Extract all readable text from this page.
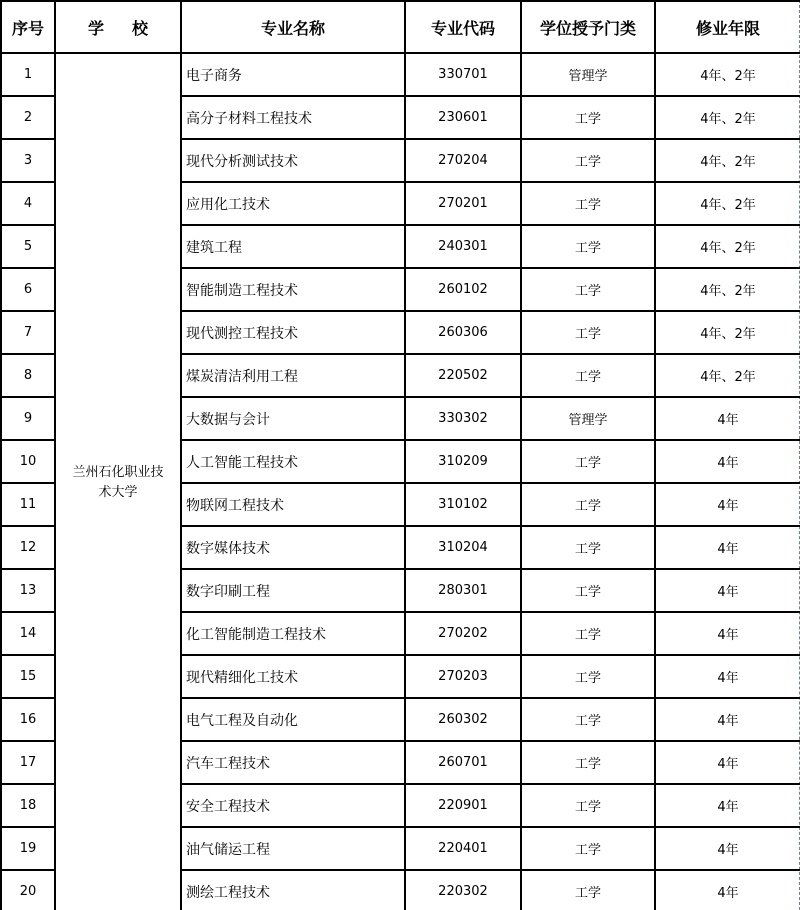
序号	学 校	专业名称	专业代码	学位授予门类	修业年限
1	兰州石化职业技术大学	电子商务	330701	管理学	4年、2年
2		高分子材料工程技术	230601	工学	4年、2年
3		现代分析测试技术	270204	工学	4年、2年
4		应用化工技术	270201	工学	4年、2年
5		建筑工程	240301	工学	4年、2年
6		智能制造工程技术	260102	工学	4年、2年
7		现代测控工程技术	260306	工学	4年、2年
8		煤炭清洁利用工程	220502	工学	4年、2年
9		大数据与会计	330302	管理学	4年
10		人工智能工程技术	310209	工学	4年
11		物联网工程技术	310102	工学	4年
12		数字媒体技术	310204	工学	4年
13		数字印刷工程	280301	工学	4年
14		化工智能制造工程技术	270202	工学	4年
15		现代精细化工技术	270203	工学	4年
16		电气工程及自动化	260302	工学	4年
17		汽车工程技术	260701	工学	4年
18		安全工程技术	220901	工学	4年
19		油气储运工程	220401	工学	4年
20		测绘工程技术	220302	工学	4年
